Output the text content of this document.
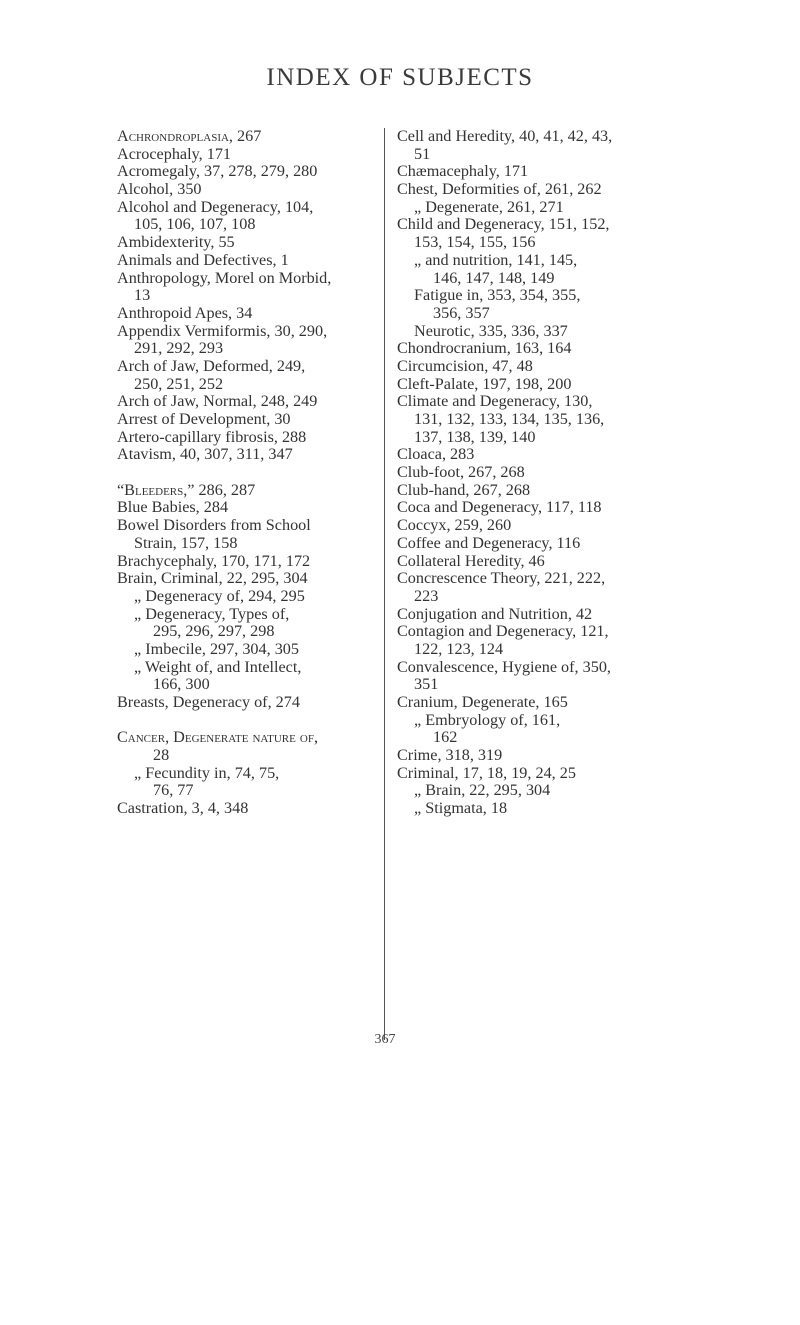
INDEX OF SUBJECTS
Achrondroplasia, 267
Acrocephaly, 171
Acromegaly, 37, 278, 279, 280
Alcohol, 350
Alcohol and Degeneracy, 104,
105, 106, 107, 108
Ambidexterity, 55
Animals and Defectives, 1
Anthropology, Morel on Morbid,
13
Anthropoid Apes, 34
Appendix Vermiformis, 30, 290,
291, 292, 293
Arch of Jaw, Deformed, 249,
250, 251, 252
Arch of Jaw, Normal, 248, 249
Arrest of Development, 30
Artero-capillary fibrosis, 288
Atavism, 40, 307, 311, 347
“Bleeders,” 286, 287
Blue Babies, 284
Bowel Disorders from School
Strain, 157, 158
Brachycephaly, 170, 171, 172
Brain, Criminal, 22, 295, 304
„ Degeneracy of, 294, 295
„ Degeneracy, Types of,
295, 296, 297, 298
„ Imbecile, 297, 304, 305
„ Weight of, and Intellect,
166, 300
Breasts, Degeneracy of, 274
Cancer, Degenerate nature of,
28
„ Fecundity in, 74, 75,
76, 77
Castration, 3, 4, 348
Cell and Heredity, 40, 41, 42, 43,
51
Chæmacephaly, 171
Chest, Deformities of, 261, 262
„ Degenerate, 261, 271
Child and Degeneracy, 151, 152,
153, 154, 155, 156
„ and nutrition, 141, 145,
146, 147, 148, 149
Fatigue in, 353, 354, 355,
356, 357
Neurotic, 335, 336, 337
Chondrocranium, 163, 164
Circumcision, 47, 48
Cleft-Palate, 197, 198, 200
Climate and Degeneracy, 130,
131, 132, 133, 134, 135, 136,
137, 138, 139, 140
Cloaca, 283
Club-foot, 267, 268
Club-hand, 267, 268
Coca and Degeneracy, 117, 118
Coccyx, 259, 260
Coffee and Degeneracy, 116
Collateral Heredity, 46
Concrescence Theory, 221, 222,
223
Conjugation and Nutrition, 42
Contagion and Degeneracy, 121,
122, 123, 124
Convalescence, Hygiene of, 350,
351
Cranium, Degenerate, 165
„ Embryology of, 161,
162
Crime, 318, 319
Criminal, 17, 18, 19, 24, 25
„ Brain, 22, 295, 304
„ Stigmata, 18
367
